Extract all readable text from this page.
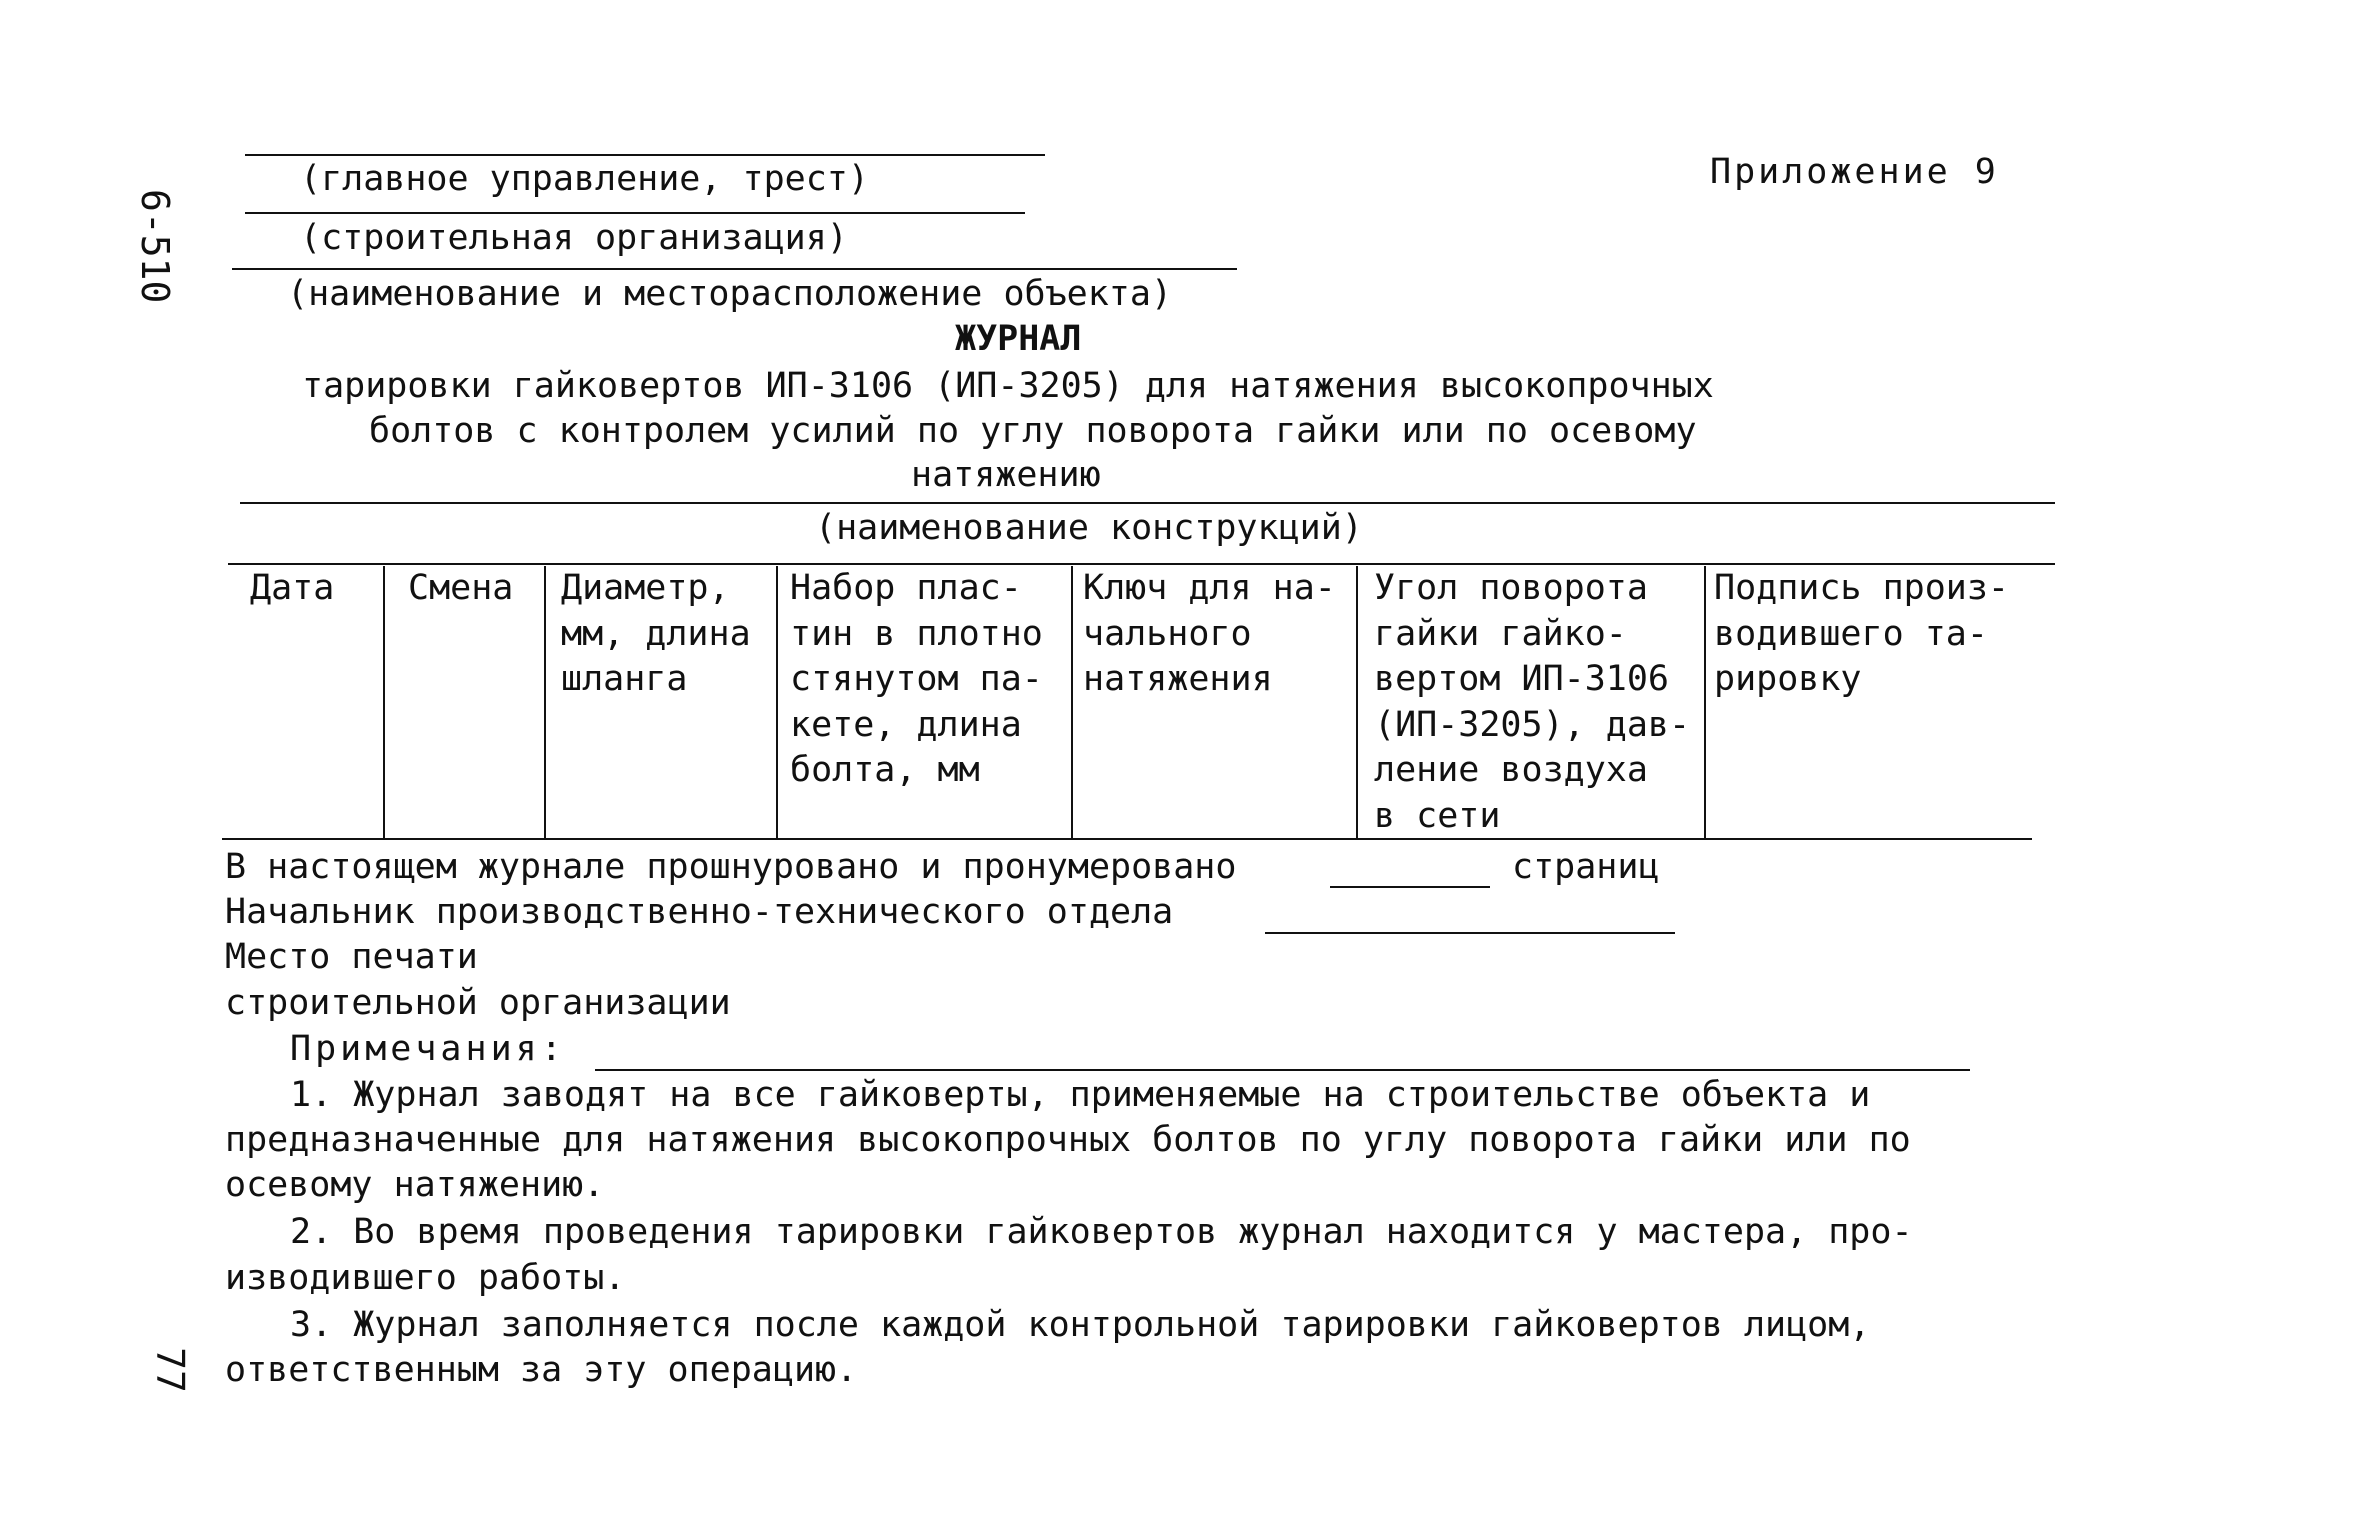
6-510
77
Приложение 9
(главное управление, трест)
(строительная организация)
(наименование и месторасположение объекта)
ЖУРНАЛ
тарировки гайковертов ИП-3106 (ИП-3205) для натяжения высокопрочных
болтов с контролем усилий по углу поворота гайки или по осевому
натяжению
(наименование конструкций)
Дата Смена Диаметр,
мм, длина
шланга
Набор плас-
тин в плотно
стянутом па-
кете, длина
болта, мм
Ключ для на-
чального
натяжения
Угол поворота
гайки гайко-
вертом ИП-3106
(ИП-3205), дав-
ление воздуха
в сети
Подпись произ-
водившего та-
рировку
В настоящем журнале прошнуровано и пронумеровано	страниц
Начальник производственно-технического отдела
Место печати
строительной организации
Примечания:
1. Журнал заводят на все гайковерты, применяемые на строительстве объекта и
предназначенные для натяжения высокопрочных болтов по углу поворота гайки или по
осевому натяжению.
2. Во время проведения тарировки гайковертов журнал находится у мастера, про-
изводившего работы.
3. Журнал заполняется после каждой контрольной тарировки гайковертов лицом,
ответственным за эту операцию.
